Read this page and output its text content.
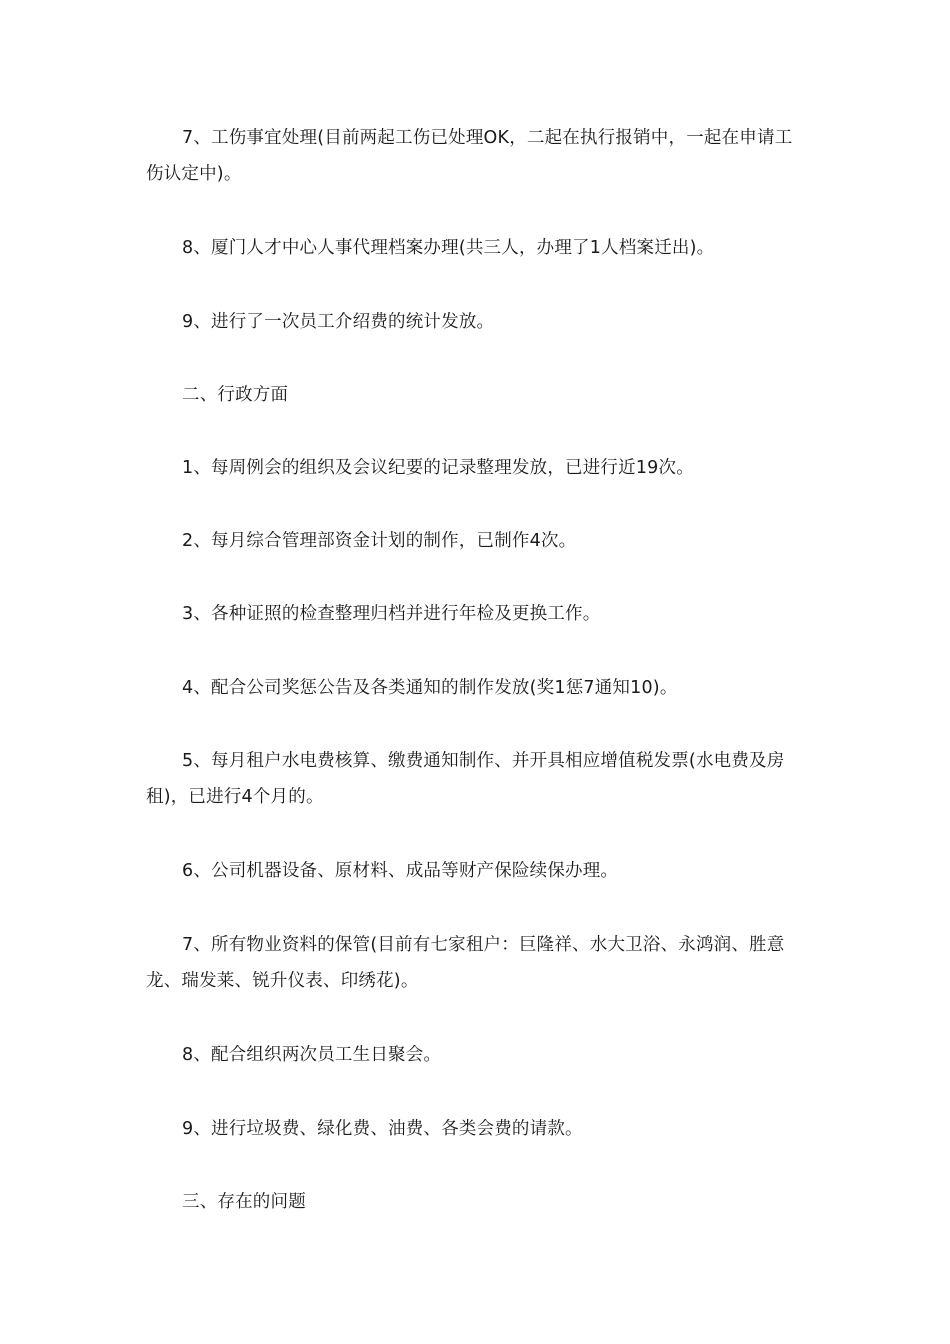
7、工伤事宜处理(目前两起工伤已处理OK，二起在执行报销中，一起在申请工伤认定中)。

8、厦门人才中心人事代理档案办理(共三人，办理了1人档案迁出)。

9、进行了一次员工介绍费的统计发放。

二、行政方面

1、每周例会的组织及会议纪要的记录整理发放，已进行近19次。

2、每月综合管理部资金计划的制作，已制作4次。

3、各种证照的检查整理归档并进行年检及更换工作。

4、配合公司奖惩公告及各类通知的制作发放(奖1惩7通知10)。

5、每月租户水电费核算、缴费通知制作、并开具相应增值税发票(水电费及房租)，已进行4个月的。

6、公司机器设备、原材料、成品等财产保险续保办理。

7、所有物业资料的保管(目前有七家租户：巨隆祥、水大卫浴、永鸿润、胜意龙、瑞发莱、锐升仪表、印绣花)。

8、配合组织两次员工生日聚会。

9、进行垃圾费、绿化费、油费、各类会费的请款。

三、存在的问题
